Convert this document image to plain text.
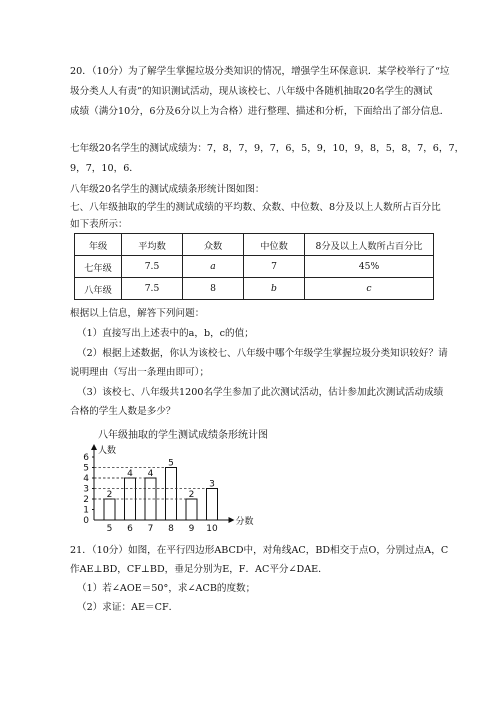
20．（10分）为了解学生掌握垃圾分类知识的情况，增强学生环保意识．某学校举行了“垃
圾分类人人有责”的知识测试活动，现从该校七、八年级中各随机抽取20名学生的测试
成绩（满分10分，6分及6分以上为合格）进行整理、描述和分析，下面给出了部分信息．
七年级20名学生的测试成绩为：7，8，7，9，7，6，5，9，10，9，8，5，8，7，6，7，
9，7，10，6．
八年级20名学生的测试成绩条形统计图如图：
七、八年级抽取的学生的测试成绩的平均数、众数、中位数、8分及以上人数所占百分比
如下表所示：
年级	平均数	众数	中位数	8分及以上人数所占百分比
七年级	7.5	a	7	45%
八年级	7.5	8	b	c
根据以上信息，解答下列问题：
（1）直接写出上述表中的a，b，c的值；
（2）根据上述数据，你认为该校七、八年级中哪个年级学生掌握垃圾分类知识较好？请
说明理由（写出一条理由即可）；
（3）该校七、八年级共1200名学生参加了此次测试活动，估计参加此次测试活动成绩
合格的学生人数是多少？
八年级抽取的学生测试成绩条形统计图
人数
分数
0
1
2
3
4
5
6
2
5
4
6
4
7
5
8
2
9
3
10
21．（10分）如图，在平行四边形ABCD中，对角线AC，BD相交于点O，分别过点A，C
作AE⊥BD，CF⊥BD，垂足分别为E，F．AC平分∠DAE．
（1）若∠AOE＝50°，求∠ACB的度数；
（2）求证：AE＝CF．
